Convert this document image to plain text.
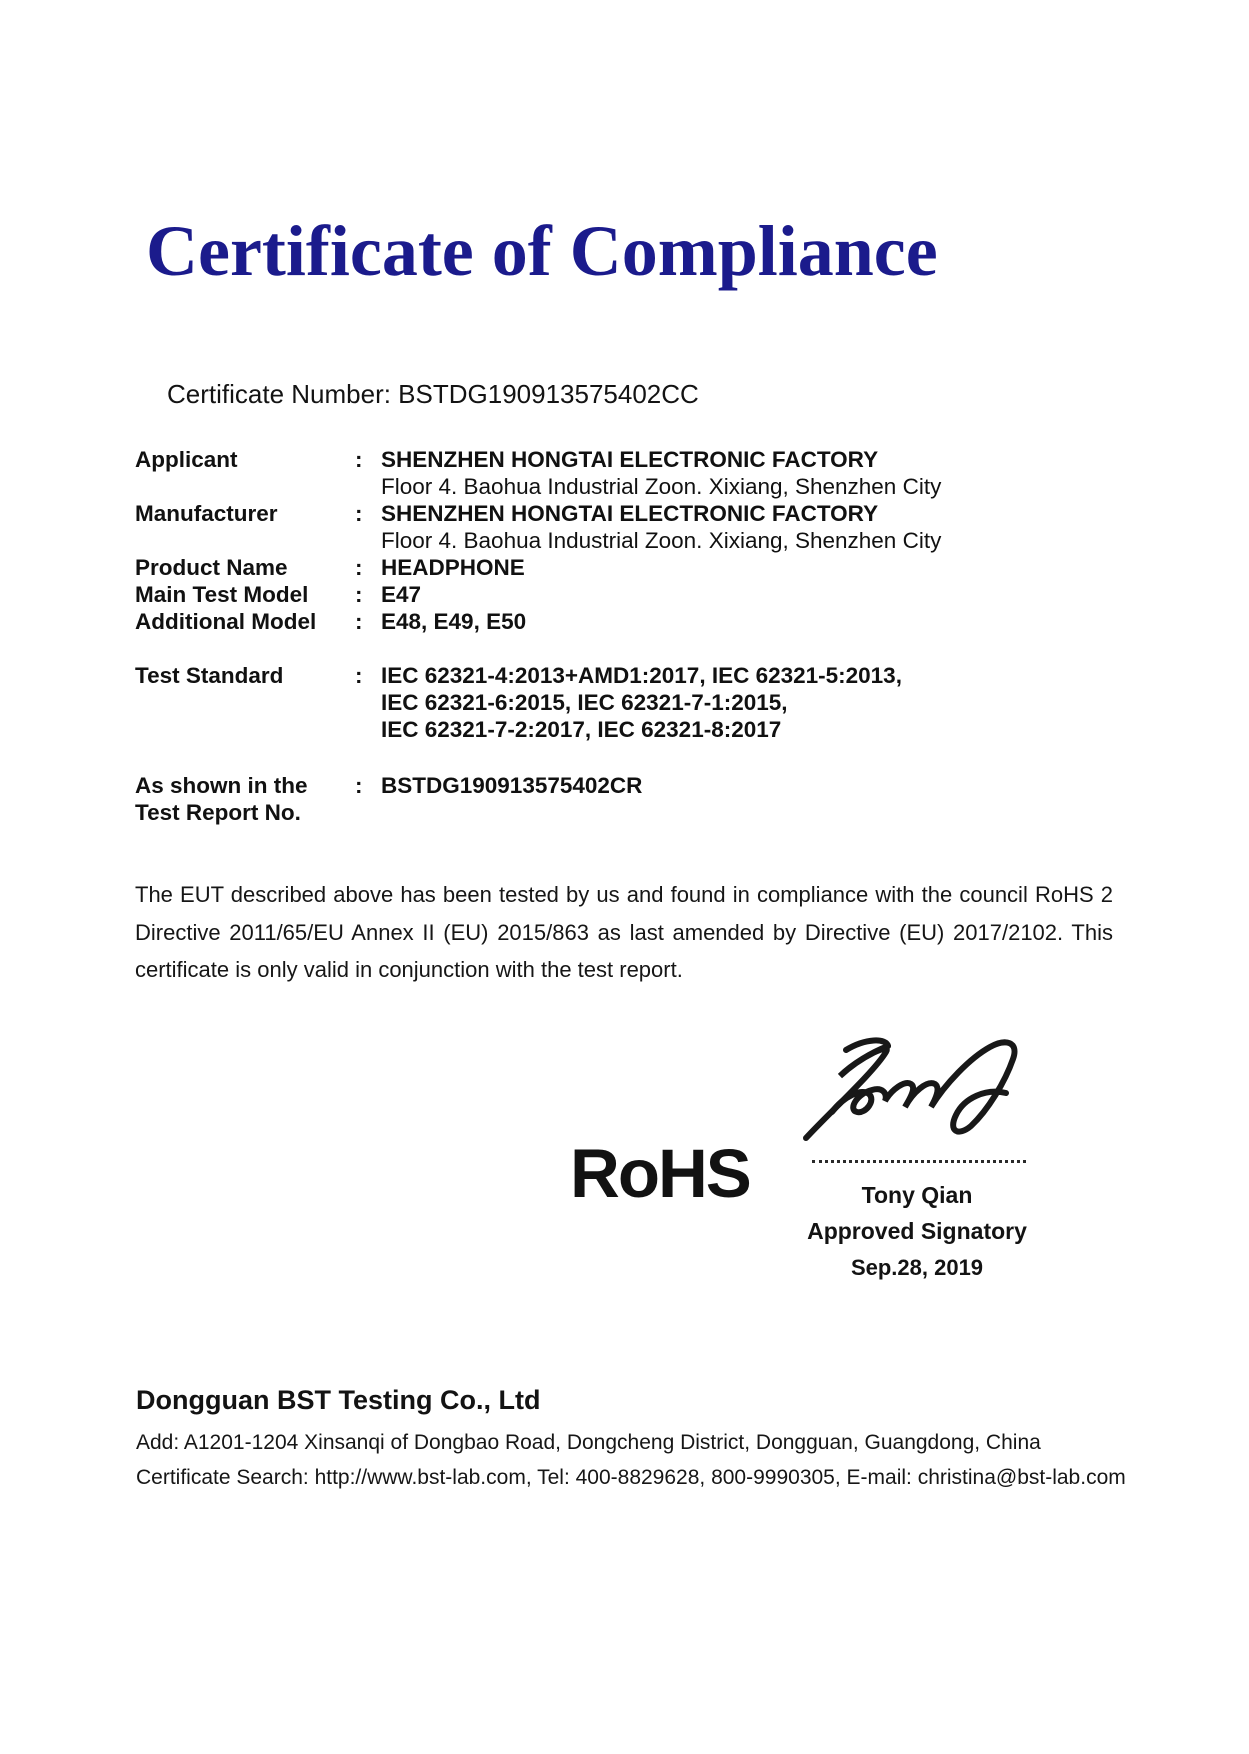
Certificate of Compliance
Certificate Number: BSTDG190913575402CC
Applicant	: SHENZHEN HONGTAI ELECTRONIC FACTORY
Floor 4. Baohua Industrial Zoon. Xixiang, Shenzhen City
Manufacturer	: SHENZHEN HONGTAI ELECTRONIC FACTORY
Floor 4. Baohua Industrial Zoon. Xixiang, Shenzhen City
Product Name	: HEADPHONE
Main Test Model	: E47
Additional Model	: E48, E49, E50
Test Standard	: IEC 62321-4:2013+AMD1:2017, IEC 62321-5:2013,
IEC 62321-6:2015, IEC 62321-7-1:2015,
IEC 62321-7-2:2017, IEC 62321-8:2017
As shown in the
Test Report No.
: BSTDG190913575402CR
The EUT described above has been tested by us and found in compliance with the council RoHS 2 Directive 2011/65/EU Annex II (EU) 2015/863 as last amended by Directive (EU) 2017/2102. This certificate is only valid in conjunction with the test report.
RoHS	Tony Qian
Approved Signatory
Sep.28, 2019
Dongguan BST Testing Co., Ltd
Add: A1201-1204 Xinsanqi of Dongbao Road, Dongcheng District, Dongguan, Guangdong, China
Certificate Search: http://www.bst-lab.com, Tel: 400-8829628, 800-9990305, E-mail: christina@bst-lab.com
